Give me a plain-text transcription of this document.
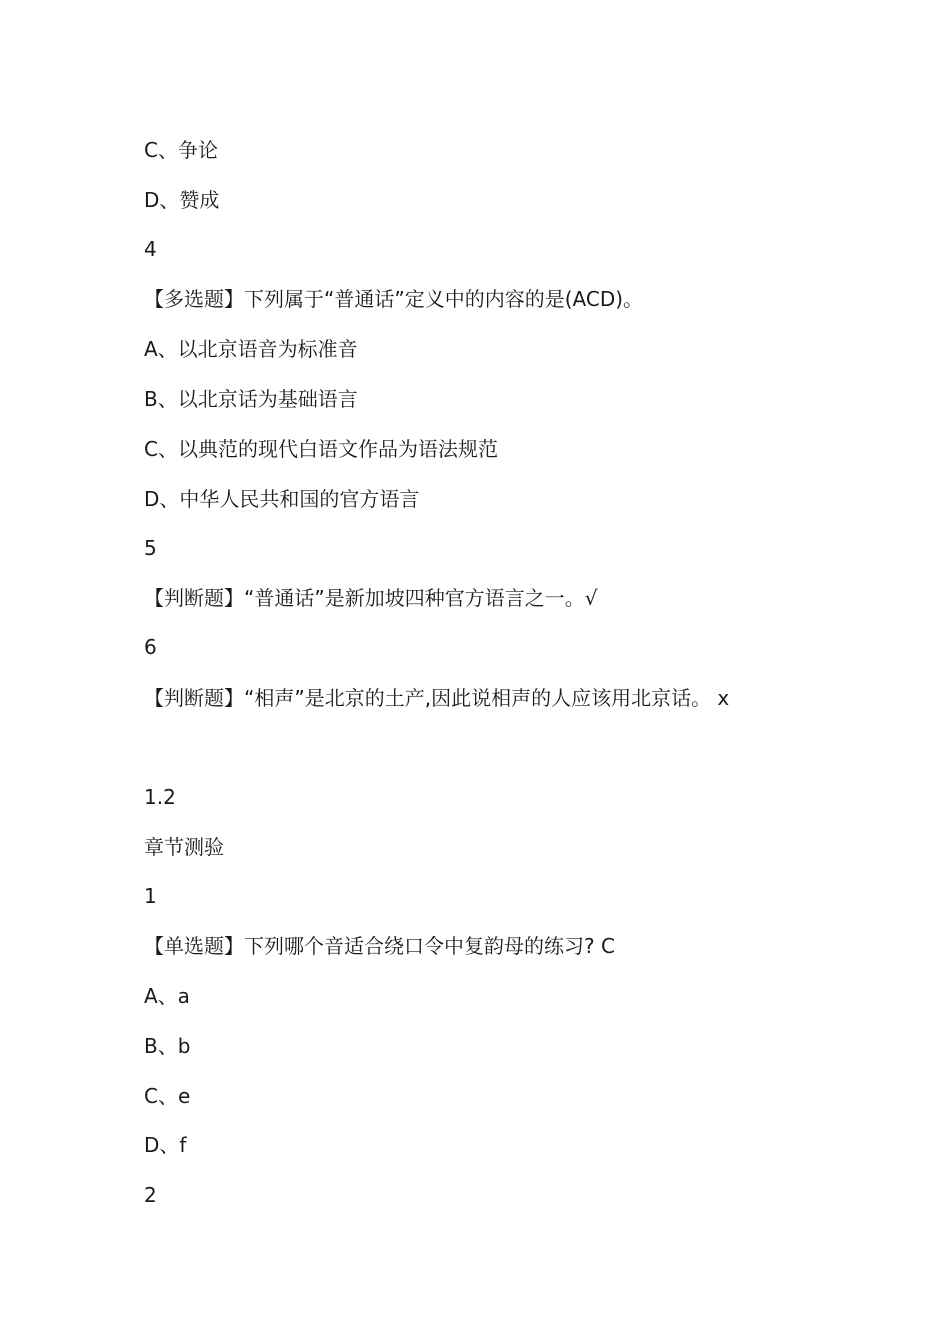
C、争论

D、赞成

4

【多选题】下列属于“普通话”定义中的内容的是(ACD)。

A、以北京语音为标准音

B、以北京话为基础语言

C、以典范的现代白语文作品为语法规范

D、中华人民共和国的官方语言

5

【判断题】“普通话”是新加坡四种官方语言之一。√

6

【判断题】“相声”是北京的土产,因此说相声的人应该用北京话。 x

1.2

章节测验

1

【单选题】下列哪个音适合绕口令中复韵母的练习? C

A、a

B、b

C、e

D、f

2
